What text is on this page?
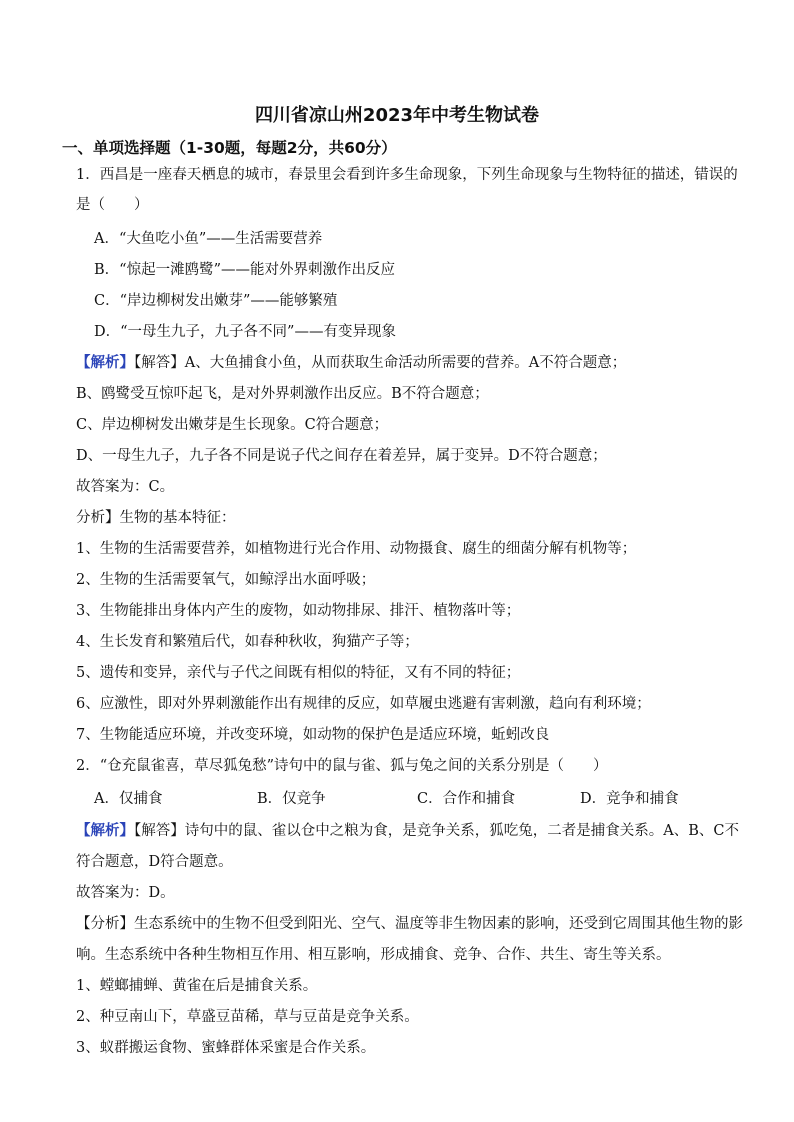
四川省凉山州2023年中考生物试卷
一、单项选择题（1-30题，每题2分，共60分）
1．西昌是一座春天栖息的城市，春景里会看到许多生命现象，下列生命现象与生物特征的描述，错误的
是（　　）
A．“大鱼吃小鱼”——生活需要营养
B．“惊起一滩鸥鹭”——能对外界刺激作出反应
C．“岸边柳树发出嫩芽”——能够繁殖
D．“一母生九子，九子各不同”——有变异现象
【解析】【解答】A、大鱼捕食小鱼，从而获取生命活动所需要的营养。A不符合题意；
B、鸥鹭受互惊吓起飞，是对外界刺激作出反应。B不符合题意；
C、岸边柳树发出嫩芽是生长现象。C符合题意；
D、一母生九子，九子各不同是说子代之间存在着差异，属于变异。D不符合题意；
故答案为：C。
分析】生物的基本特征：
1、生物的生活需要营养，如植物进行光合作用、动物摄食、腐生的细菌分解有机物等；
2、生物的生活需要氧气，如鲸浮出水面呼吸；
3、生物能排出身体内产生的废物，如动物排尿、排汗、植物落叶等；
4、生长发育和繁殖后代，如春种秋收，狗猫产子等；
5、遗传和变异，亲代与子代之间既有相似的特征，又有不同的特征；
6、应激性，即对外界刺激能作出有规律的反应，如草履虫逃避有害刺激，趋向有利环境；
7、生物能适应环境，并改变环境，如动物的保护色是适应环境，蚯蚓改良
2．“仓充鼠雀喜，草尽狐兔愁”诗句中的鼠与雀、狐与兔之间的关系分别是（　　）
A．仅捕食	B．仅竞争	C．合作和捕食	D．竞争和捕食
【解析】【解答】诗句中的鼠、雀以仓中之粮为食，是竞争关系，狐吃兔，二者是捕食关系。A、B、C不
符合题意，D符合题意。
故答案为：D。
【分析】生态系统中的生物不但受到阳光、空气、温度等非生物因素的影响，还受到它周围其他生物的影
响。生态系统中各种生物相互作用、相互影响，形成捕食、竞争、合作、共生、寄生等关系。
1、螳螂捕蝉、黄雀在后是捕食关系。
2、种豆南山下，草盛豆苗稀，草与豆苗是竞争关系。
3、蚁群搬运食物、蜜蜂群体采蜜是合作关系。
